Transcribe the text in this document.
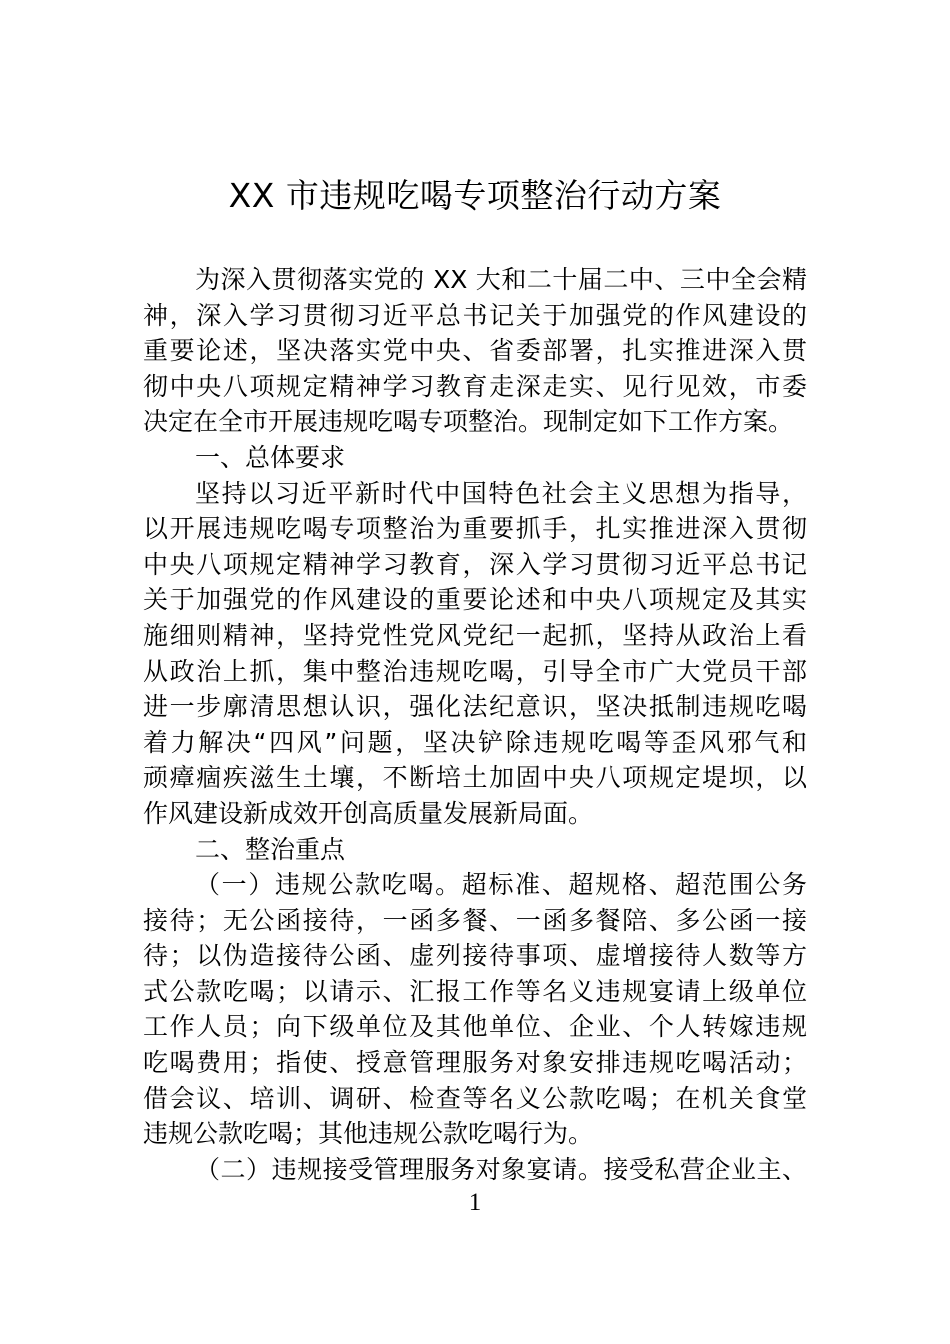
XX 市违规吃喝专项整治行动方案
为深入贯彻落实党的 XX 大和二十届二中、三中全会精
神，深入学习贯彻习近平总书记关于加强党的作风建设的
重要论述，坚决落实党中央、省委部署，扎实推进深入贯
彻中央八项规定精神学习教育走深走实、见行见效，市委
决定在全市开展违规吃喝专项整治。现制定如下工作方案。
一、总体要求
坚持以习近平新时代中国特色社会主义思想为指导，
以开展违规吃喝专项整治为重要抓手，扎实推进深入贯彻
中央八项规定精神学习教育，深入学习贯彻习近平总书记
关于加强党的作风建设的重要论述和中央八项规定及其实
施细则精神，坚持党性党风党纪一起抓，坚持从政治上看
从政治上抓，集中整治违规吃喝，引导全市广大党员干部
进一步廓清思想认识，强化法纪意识，坚决抵制违规吃喝
着力解决“四风”问题，坚决铲除违规吃喝等歪风邪气和
顽瘴痼疾滋生土壤，不断培土加固中央八项规定堤坝，以
作风建设新成效开创高质量发展新局面。
二、整治重点
（一）违规公款吃喝。超标准、超规格、超范围公务
接待；无公函接待，一函多餐、一函多餐陪、多公函一接
待；以伪造接待公函、虚列接待事项、虚增接待人数等方
式公款吃喝；以请示、汇报工作等名义违规宴请上级单位
工作人员；向下级单位及其他单位、企业、个人转嫁违规
吃喝费用；指使、授意管理服务对象安排违规吃喝活动；
借会议、培训、调研、检查等名义公款吃喝；在机关食堂
违规公款吃喝；其他违规公款吃喝行为。
（二）违规接受管理服务对象宴请。接受私营企业主、
1
